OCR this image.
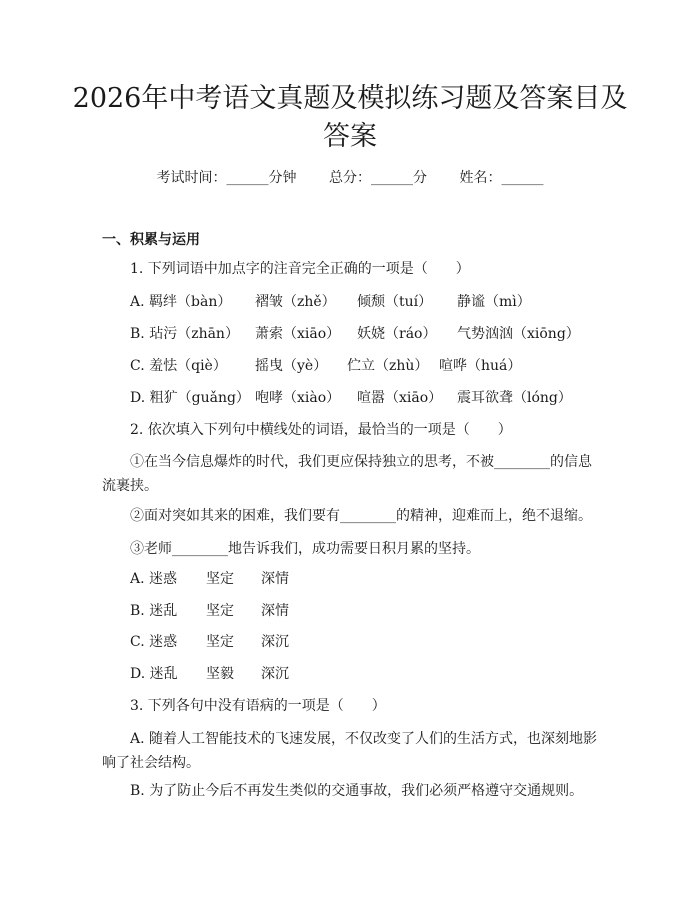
2026年中考语文真题及模拟练习题及答案目及答案
考试时间：______分钟 总分：______分 姓名：______
一、积累与运用
1. 下列词语中加点字的注音完全正确的一项是（　　）
A. 羁绊（bàn） 褶皱（zhě） 倾颓（tuí） 静谧（mì）
B. 玷污（zhān） 萧索（xiāo） 妖娆（ráo） 气势汹汹（xiōng）
C. 羞怯（qiè） 摇曳（yè） 伫立（zhù） 喧哗（huá）
D. 粗犷（guǎng） 咆哮（xiào） 喧嚣（xiāo） 震耳欲聋（lóng）
2. 依次填入下列句中横线处的词语，最恰当的一项是（　　）
①在当今信息爆炸的时代，我们更应保持独立的思考，不被________的信息流裹挟。
②面对突如其来的困难，我们要有________的精神，迎难而上，绝不退缩。
③老师________地告诉我们，成功需要日积月累的坚持。
A. 迷惑 坚定 深情
B. 迷乱 坚定 深情
C. 迷惑 坚定 深沉
D. 迷乱 坚毅 深沉
3. 下列各句中没有语病的一项是（　　）
A. 随着人工智能技术的飞速发展，不仅改变了人们的生活方式，也深刻地影响了社会结构。
B. 为了防止今后不再发生类似的交通事故，我们必须严格遵守交通规则。
